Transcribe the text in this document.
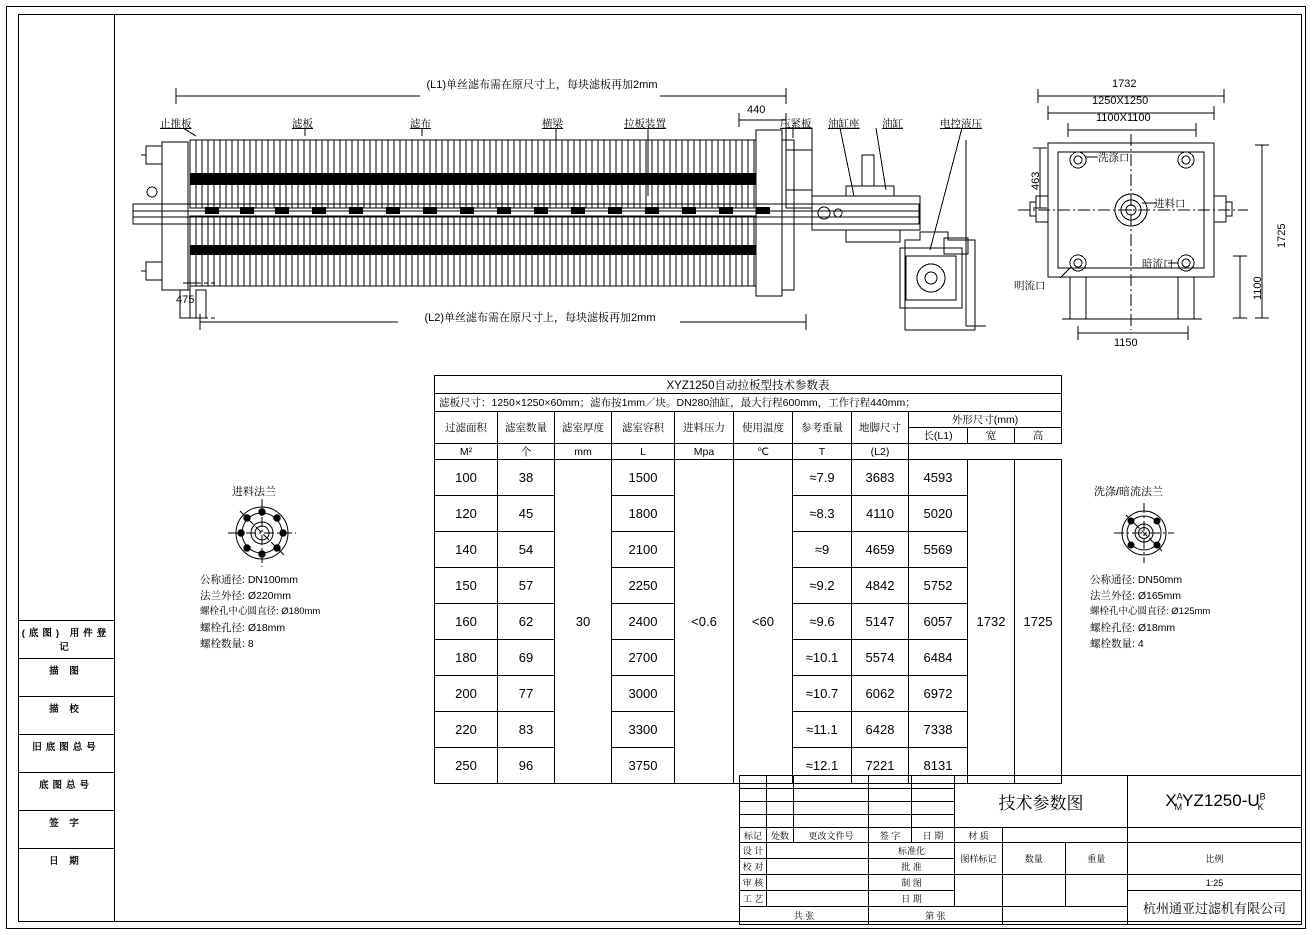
(底图) 用件登记
描 图
描 校
旧底图总号
底图总号
签 字
日 期
(L1)单丝滤布需在原尺寸上，每块滤板再加2mm
(L2)单丝滤布需在原尺寸上，每块滤板再加2mm
440
475
止推板	滤板	滤布	横梁	拉板装置	压紧板 油缸座 油缸	电控液压
1732
1250X1250
1100X1100
463
1725
1100
1150
洗涤口
进料口
暗流口
明流口
进料法兰
公称通径: DN100mm
法兰外径: Ø220mm
螺栓孔中心圆直径: Ø180mm
螺栓孔径: Ø18mm
螺栓数量: 8
洗涤/暗流法兰
公称通径: DN50mm
法兰外径: Ø165mm
螺栓孔中心圆直径: Ø125mm
螺栓孔径: Ø18mm
螺栓数量: 4
XYZ1250自动拉板型技术参数表										
滤板尺寸：1250×1250×60mm；滤布按1mm／块。DN280油缸，最大行程600mm，工作行程440mm；										

过滤面积	滤室数量	滤室厚度	滤室容积	进料压力	使用温度	参考重量	地脚尺寸	外形尺寸(mm)		
								长(L1)	宽	高
M²	个	mm	L	Mpa	℃	T	(L2)			
100	38	30	1500	<0.6	<60	≈7.9	3683	4593	1732	1725
120	45		1800			≈8.3	4110	5020		
140	54		2100			≈9	4659	5569		
150	57		2250			≈9.2	4842	5752		
160	62		2400			≈9.6	5147	6057		
180	69		2700			≈10.1	5574	6484		
200	77		3000			≈10.7	6062	6972		
220	83		3300			≈11.1	6428	7338		
250	96		3750			≈12.1	7221	8131		

					技术参数图			$X^A_MYZ1250-U^B_K$

标记	处数	更改文件号	签 字	日 期	材 质			
设 计			标准化		图样标记	数量	重量	比例
校 对			批 准					
审 核			制 图					1:25
工 艺			日 期					杭州通亚过滤机有限公司

共 张			第 张					
